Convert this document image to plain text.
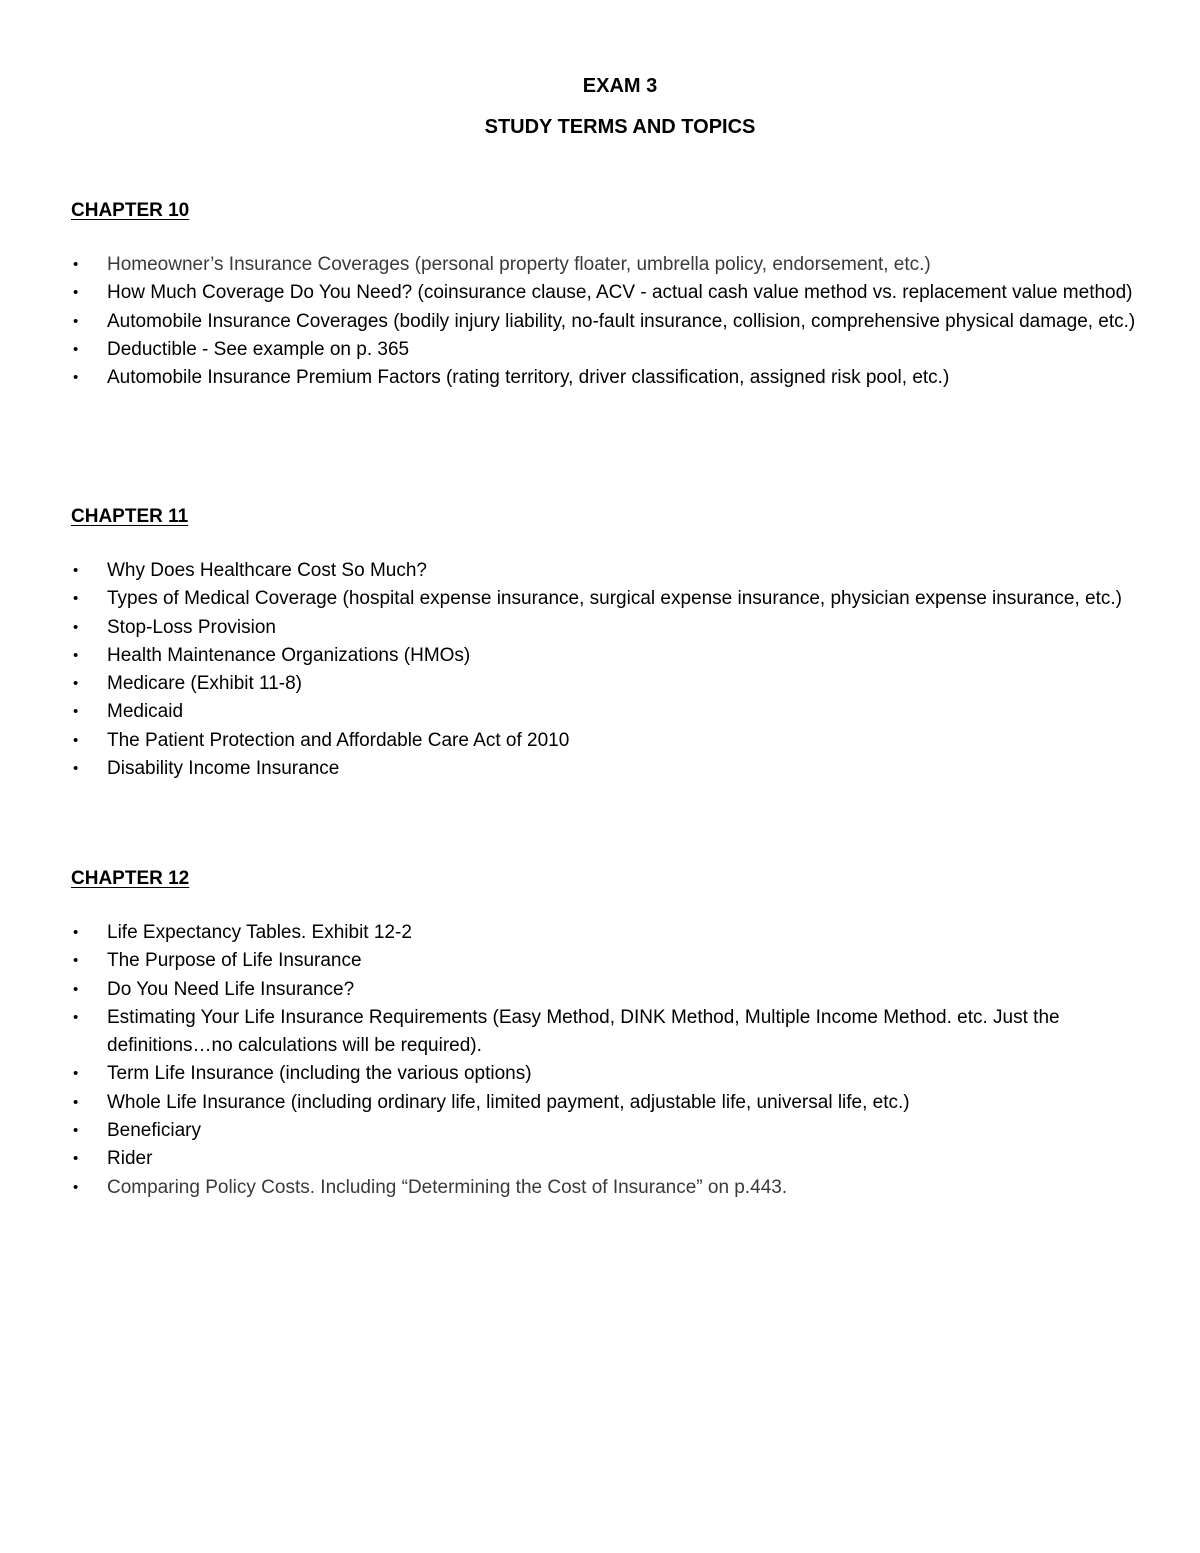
EXAM 3
STUDY TERMS AND TOPICS
CHAPTER 10
• Homeowner’s Insurance Coverages (personal property floater, umbrella policy, endorsement, etc.)
• How Much Coverage Do You Need? (coinsurance clause, ACV - actual cash value method vs. replacement value method)
• Automobile Insurance Coverages (bodily injury liability, no-fault insurance, collision, comprehensive physical damage, etc.)
• Deductible - See example on p. 365
• Automobile Insurance Premium Factors (rating territory, driver classification, assigned risk pool, etc.)
CHAPTER 11
• Why Does Healthcare Cost So Much?
• Types of Medical Coverage (hospital expense insurance, surgical expense insurance, physician expense insurance, etc.)
• Stop-Loss Provision
• Health Maintenance Organizations (HMOs)
• Medicare (Exhibit 11-8)
• Medicaid
• The Patient Protection and Affordable Care Act of 2010
• Disability Income Insurance
CHAPTER 12
• Life Expectancy Tables. Exhibit 12-2
• The Purpose of Life Insurance
• Do You Need Life Insurance?
• Estimating Your Life Insurance Requirements (Easy Method, DINK Method, Multiple Income Method. etc. Just the definitions…no calculations will be required).
• Term Life Insurance (including the various options)
• Whole Life Insurance (including ordinary life, limited payment, adjustable life, universal life, etc.)
• Beneficiary
• Rider
• Comparing Policy Costs. Including “Determining the Cost of Insurance” on p.443.
